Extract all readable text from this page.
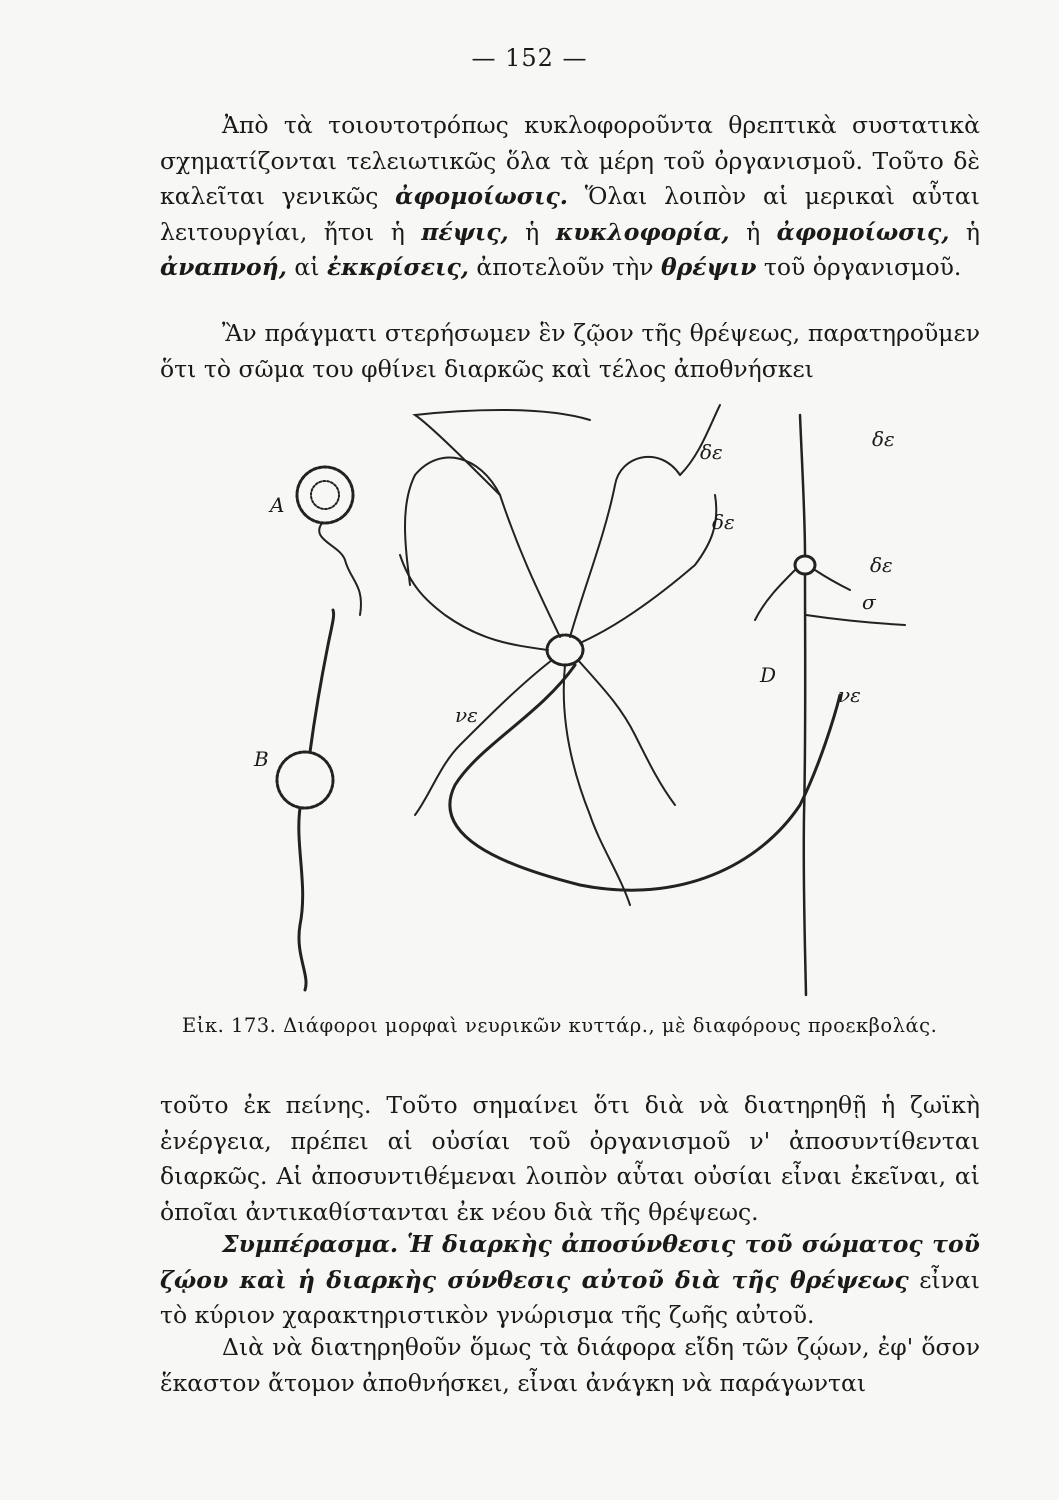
— 152 —
Ἀπὸ τὰ τοιουτοτρόπως κυκλοφοροῦντα θρεπτικὰ συστατικὰ σχηματίζονται τελειωτικῶς ὅλα τὰ μέρη τοῦ ὀργανισμοῦ. Τοῦτο δὲ καλεῖται γενικῶς ἀφομοίωσις. Ὅλαι λοιπὸν αἱ μερικαὶ αὗται λειτουργίαι, ἤτοι ἡ πέψις, ἡ κυκλοφορία, ἡ ἀφομοίωσις, ἡ ἀναπνοή, αἱ ἐκκρίσεις, ἀποτελοῦν τὴν θρέψιν τοῦ ὀργανισμοῦ.
Ἂν πράγματι στερήσωμεν ἓν ζῷον τῆς θρέψεως, παρατηροῦμεν ὅτι τὸ σῶμα του φθίνει διαρκῶς καὶ τέλος ἀποθνήσκει
A
B
D
δε
δε
δε
δε
σ
νε
νε
Εἰκ. 173. Διάφοροι μορφαὶ νευρικῶν κυττάρ., μὲ διαφόρους προεκβολάς.
τοῦτο ἐκ πείνης. Τοῦτο σημαίνει ὅτι διὰ νὰ διατηρηθῇ ἡ ζωϊκὴ ἐνέργεια, πρέπει αἱ οὐσίαι τοῦ ὀργανισμοῦ ν' ἀποσυντίθενται διαρκῶς. Αἱ ἀποσυντιθέμεναι λοιπὸν αὗται οὐσίαι εἶναι ἐκεῖναι, αἱ ὁποῖαι ἀντικαθίστανται ἐκ νέου διὰ τῆς θρέψεως.
Συμπέρασμα. Ἡ διαρκὴς ἀποσύνθεσις τοῦ σώματος τοῦ ζῴου καὶ ἡ διαρκὴς σύνθεσις αὐτοῦ διὰ τῆς θρέψεως εἶναι τὸ κύριον χαρακτηριστικὸν γνώρισμα τῆς ζωῆς αὐτοῦ.
Διὰ νὰ διατηρηθοῦν ὅμως τὰ διάφορα εἴδη τῶν ζῴων, ἐφ' ὅσον ἕκαστον ἄτομον ἀποθνήσκει, εἶναι ἀνάγκη νὰ παράγωνται
